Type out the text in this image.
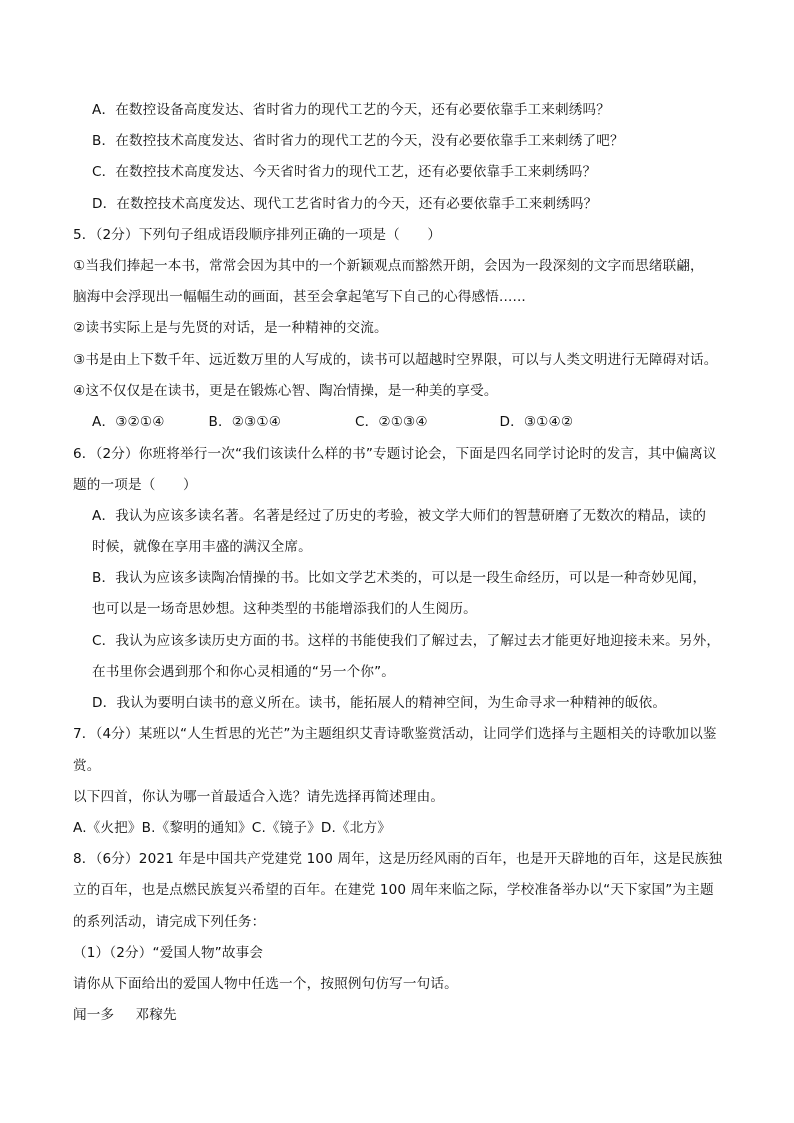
A．在数控设备高度发达、省时省力的现代工艺的今天，还有必要依靠手工来刺绣吗？
B．在数控技术高度发达、省时省力的现代工艺的今天，没有必要依靠手工来刺绣了吧？
C．在数控技术高度发达、今天省时省力的现代工艺，还有必要依靠手工来刺绣吗？
D．在数控技术高度发达、现代工艺省时省力的今天，还有必要依靠手工来刺绣吗？
5．（2分）下列句子组成语段顺序排列正确的一项是（　　）
①当我们捧起一本书，常常会因为其中的一个新颖观点而豁然开朗，会因为一段深刻的文字而思绪联翩，
脑海中会浮现出一幅幅生动的画面，甚至会拿起笔写下自己的心得感悟......
②读书实际上是与先贤的对话，是一种精神的交流。
③书是由上下数千年、远近数万里的人写成的，读书可以超越时空界限，可以与人类文明进行无障碍对话。
④这不仅仅是在读书，更是在锻炼心智、陶冶情操，是一种美的享受。
A．③②①④	B．②③①④	C．②①③④	D．③①④②
6．（2分）你班将举行一次“我们该读什么样的书”专题讨论会，下面是四名同学讨论时的发言，其中偏离议
题的一项是（　　）
A．我认为应该多读名著。名著是经过了历史的考验，被文学大师们的智慧研磨了无数次的精品，读的
时候，就像在享用丰盛的满汉全席。
B．我认为应该多读陶冶情操的书。比如文学艺术类的，可以是一段生命经历，可以是一种奇妙见闻，
也可以是一场奇思妙想。这种类型的书能增添我们的人生阅历。
C．我认为应该多读历史方面的书。这样的书能使我们了解过去，了解过去才能更好地迎接未来。另外，
在书里你会遇到那个和你心灵相通的“另一个你”。
D．我认为要明白读书的意义所在。读书，能拓展人的精神空间，为生命寻求一种精神的皈依。
7．（4分）某班以“人生哲思的光芒”为主题组织艾青诗歌鉴赏活动，让同学们选择与主题相关的诗歌加以鉴
赏。
以下四首，你认为哪一首最适合入选？请先选择再简述理由。
A.《火把》B.《黎明的通知》C.《镜子》D.《北方》
8．（6分）2021 年是中国共产党建党 100 周年，这是历经风雨的百年，也是开天辟地的百年，这是民族独
立的百年，也是点燃民族复兴希望的百年。在建党 100 周年来临之际，学校准备举办以“天下家国”为主题
的系列活动，请完成下列任务：
（1）（2分）“爱国人物”故事会
请你从下面给出的爱国人物中任选一个，按照例句仿写一句话。
闻一多 邓稼先
